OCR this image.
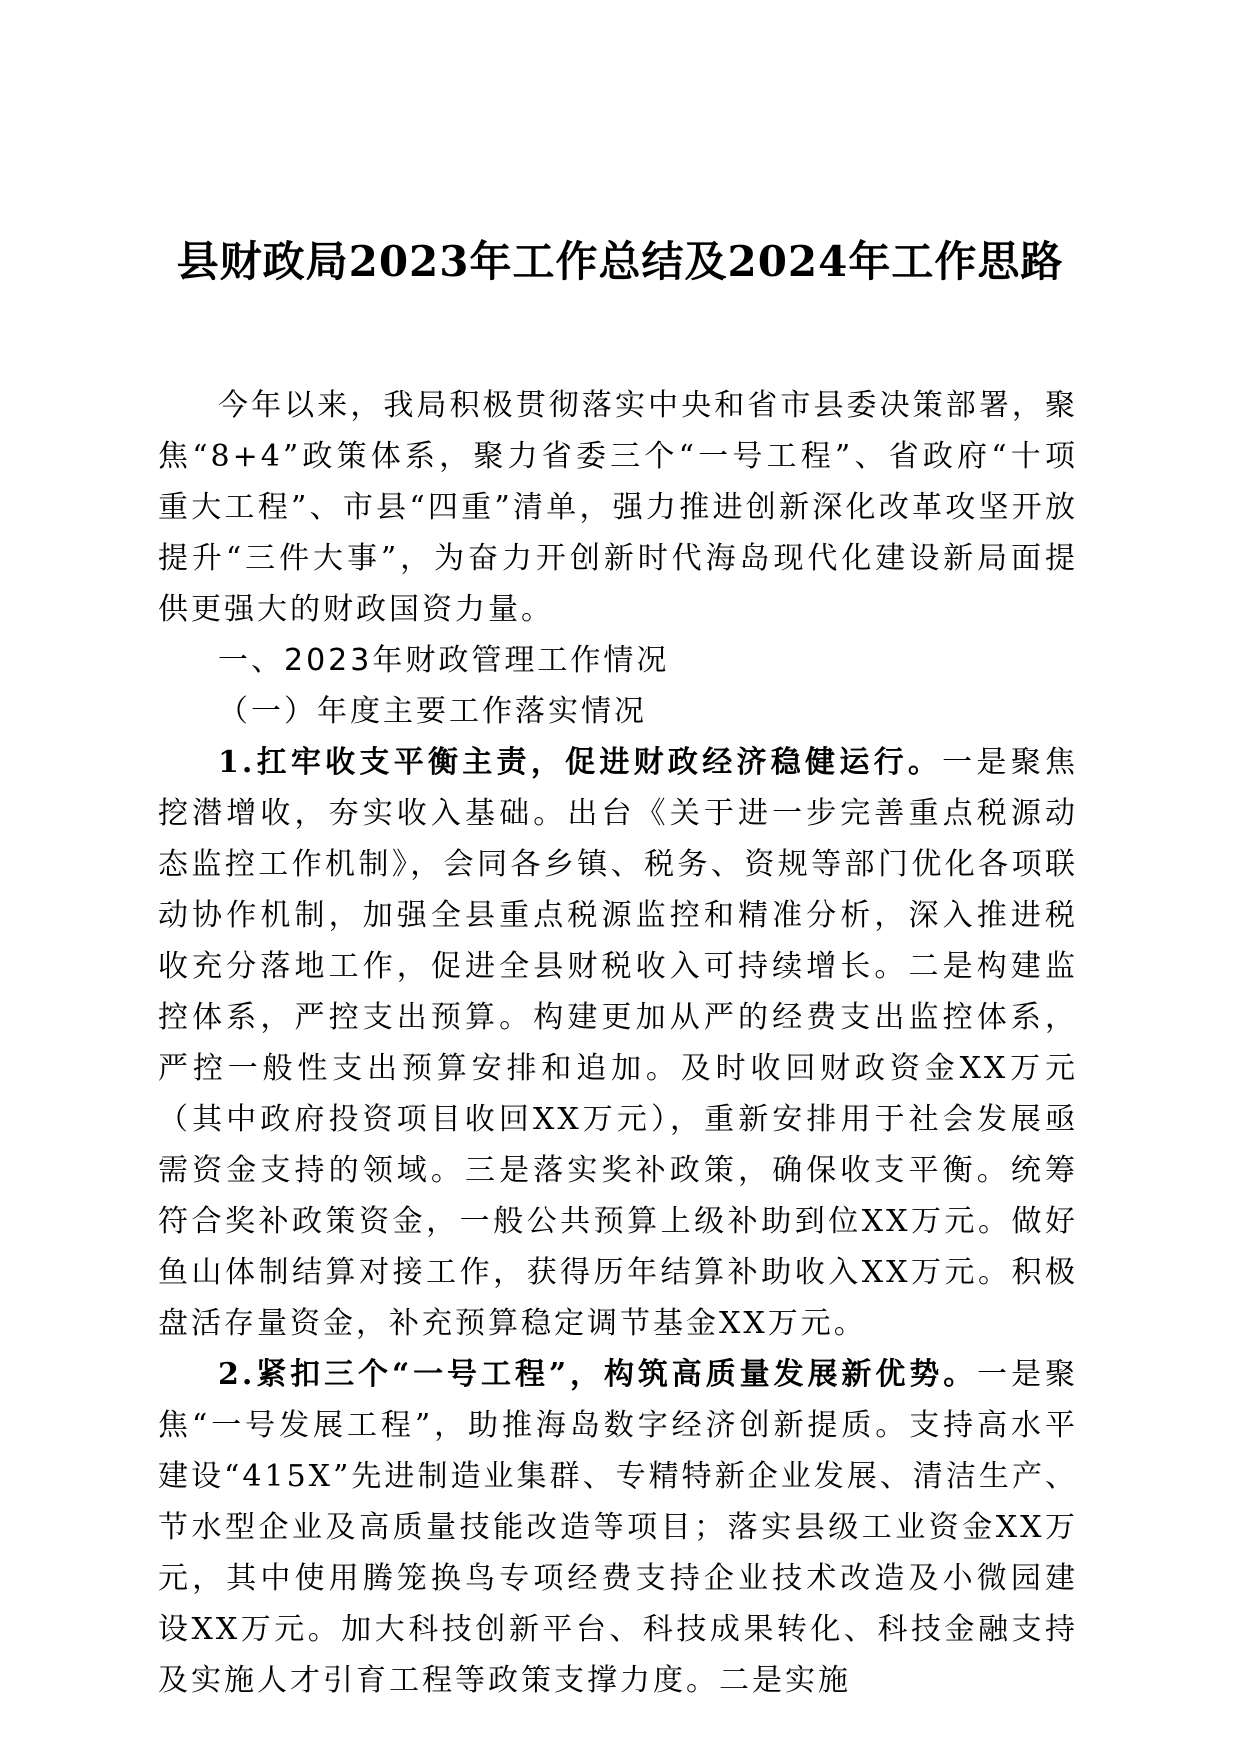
县财政局2023年工作总结及2024年工作思路

今年以来，我局积极贯彻落实中央和省市县委决策部署，聚焦“8+4”政策体系，聚力省委三个“一号工程”、省政府“十项重大工程”、市县“四重”清单，强力推进创新深化改革攻坚开放提升“三件大事”，为奋力开创新时代海岛现代化建设新局面提供更强大的财政国资力量。

一、2023年财政管理工作情况

（一）年度主要工作落实情况

1.扛牢收支平衡主责，促进财政经济稳健运行。一是聚焦挖潜增收，夯实收入基础。出台《关于进一步完善重点税源动态监控工作机制》，会同各乡镇、税务、资规等部门优化各项联动协作机制，加强全县重点税源监控和精准分析，深入推进税收充分落地工作，促进全县财税收入可持续增长。二是构建监控体系，严控支出预算。构建更加从严的经费支出监控体系，严控一般性支出预算安排和追加。及时收回财政资金XX万元（其中政府投资项目收回XX万元），重新安排用于社会发展亟需资金支持的领域。三是落实奖补政策，确保收支平衡。统筹符合奖补政策资金，一般公共预算上级补助到位XX万元。做好鱼山体制结算对接工作，获得历年结算补助收入XX万元。积极盘活存量资金，补充预算稳定调节基金XX万元。

2.紧扣三个“一号工程”，构筑高质量发展新优势。一是聚焦“一号发展工程”，助推海岛数字经济创新提质。支持高水平建设“415X”先进制造业集群、专精特新企业发展、清洁生产、节水型企业及高质量技能改造等项目；落实县级工业资金XX万元，其中使用腾笼换鸟专项经费支持企业技术改造及小微园建设XX万元。加大科技创新平台、科技成果转化、科技金融支持及实施人才引育工程等政策支撑力度。二是实施
